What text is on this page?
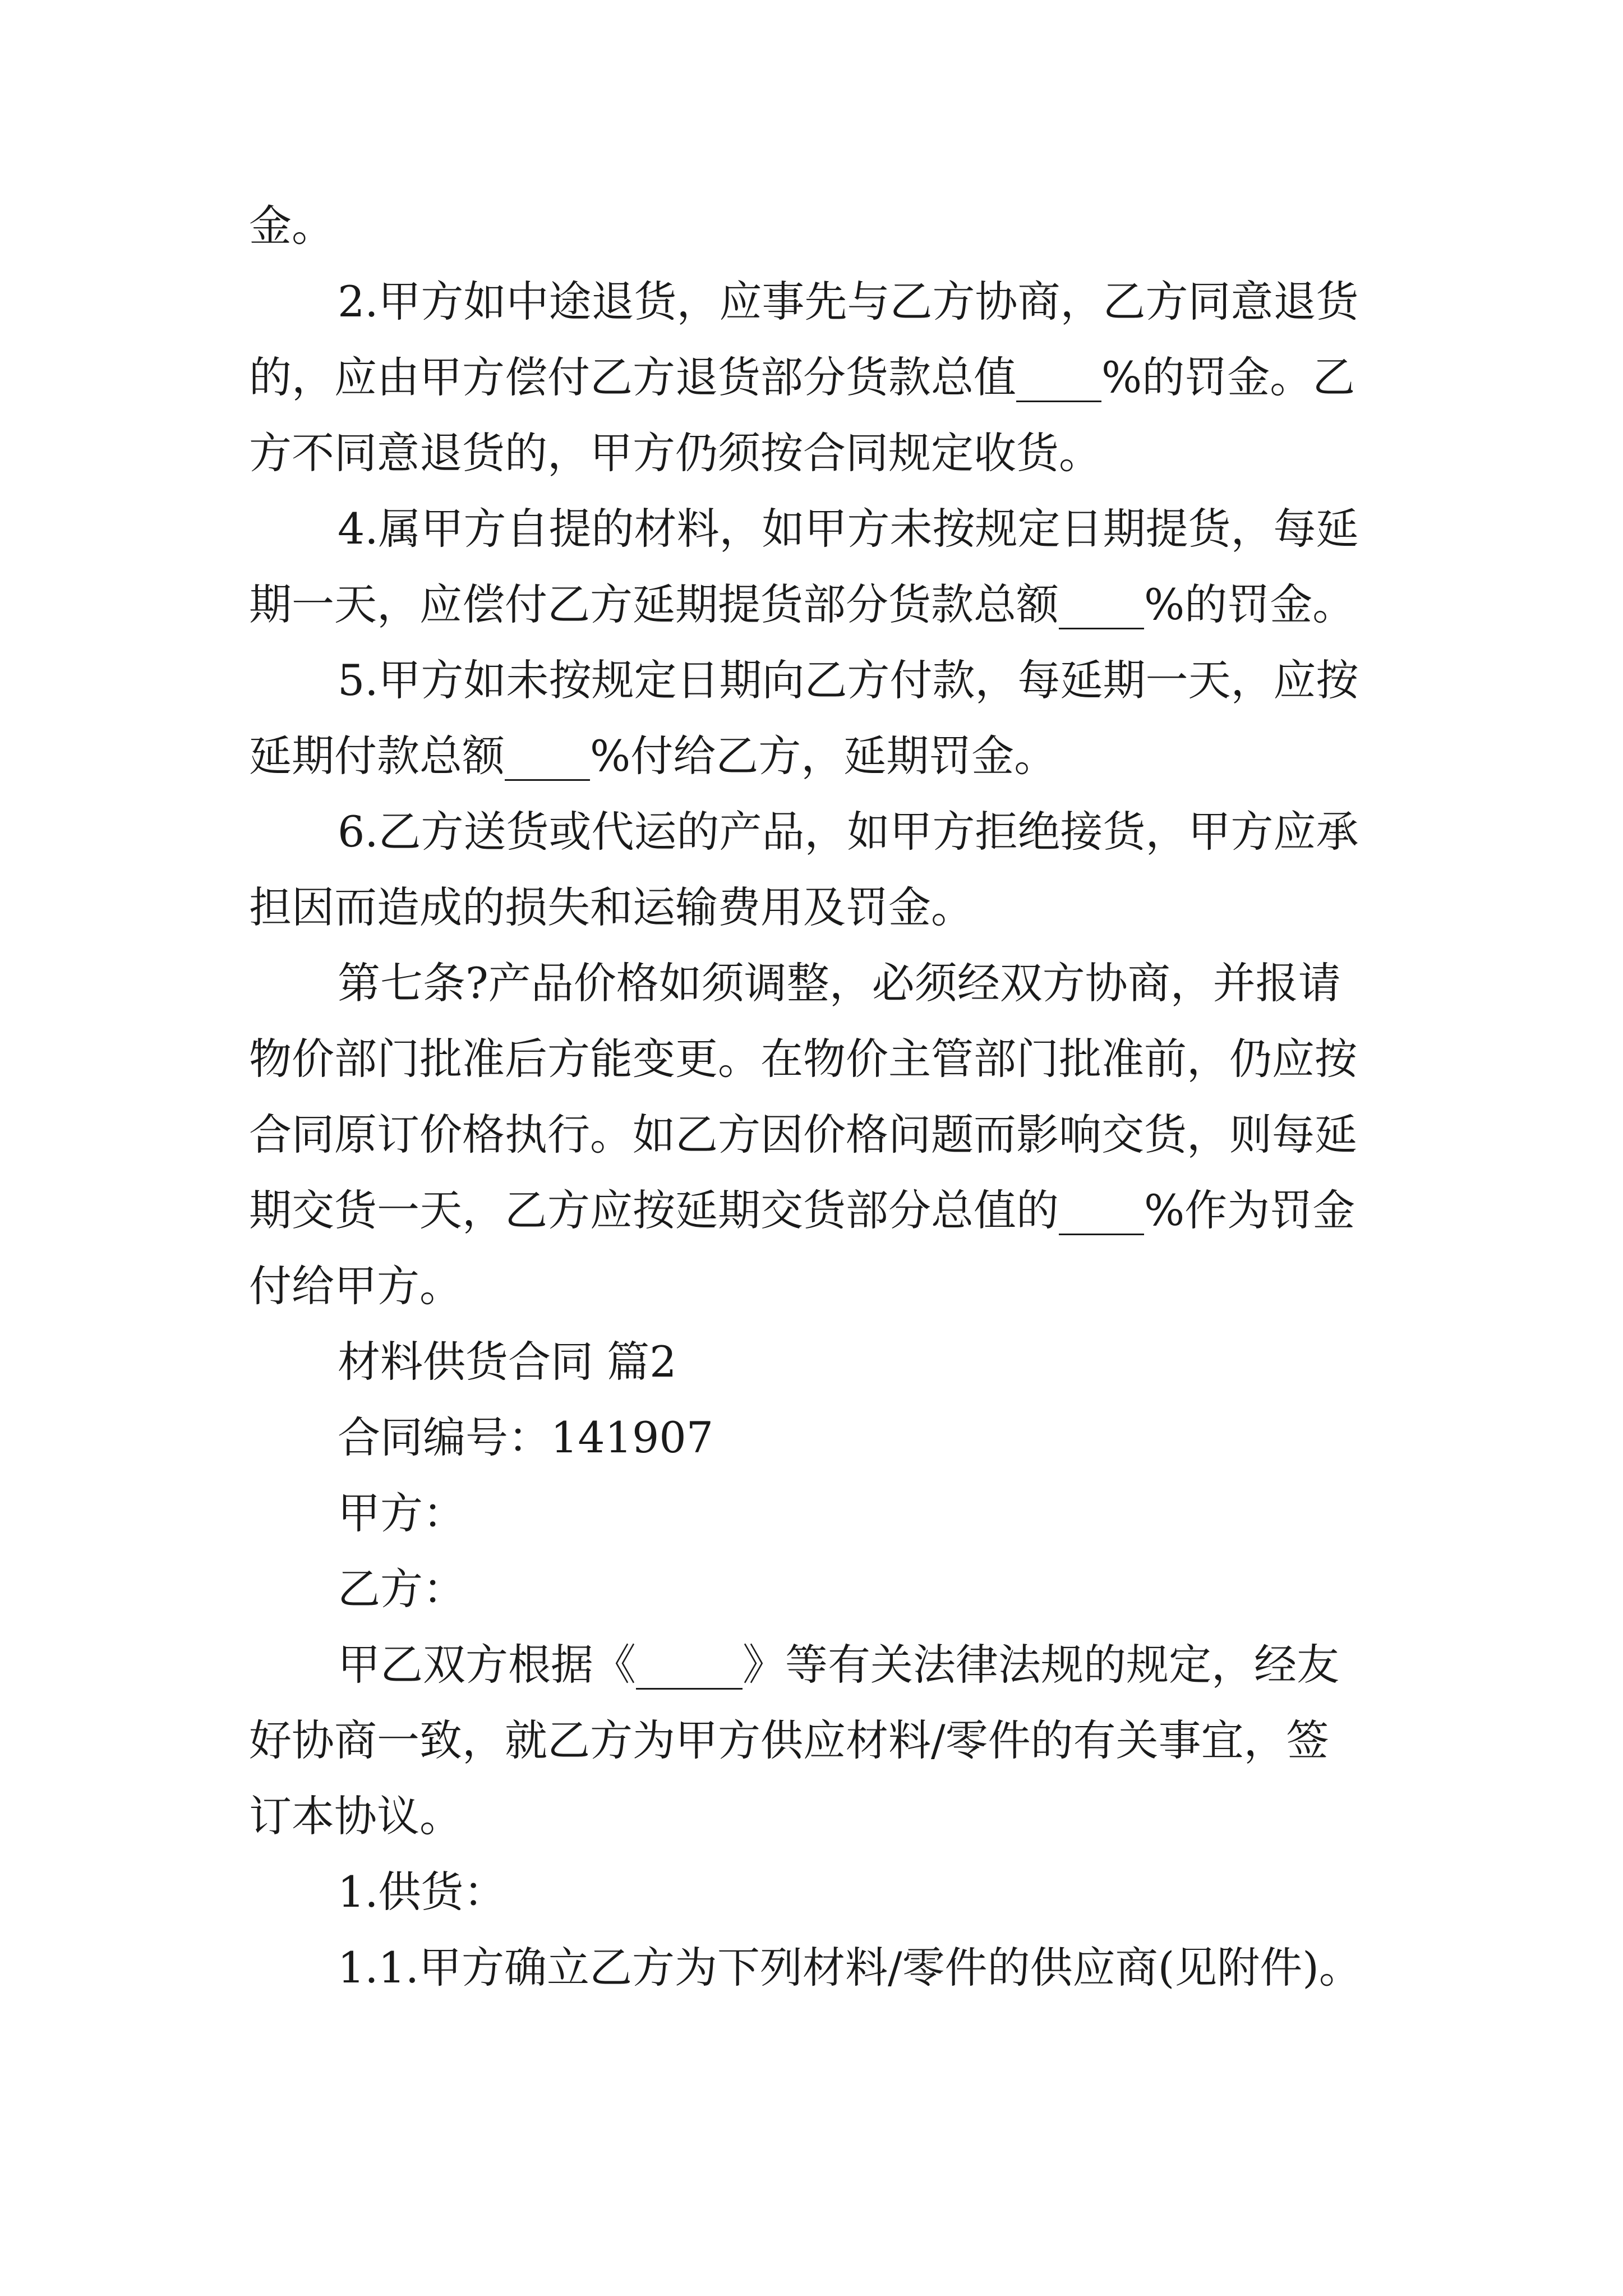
金。

2.甲方如中途退货，应事先与乙方协商，乙方同意退货

的，应由甲方偿付乙方退货部分货款总值____%的罚金。乙

方不同意退货的，甲方仍须按合同规定收货。

4.属甲方自提的材料，如甲方未按规定日期提货，每延

期一天，应偿付乙方延期提货部分货款总额____%的罚金。

5.甲方如未按规定日期向乙方付款，每延期一天，应按

延期付款总额____%付给乙方，延期罚金。

6.乙方送货或代运的产品，如甲方拒绝接货，甲方应承

担因而造成的损失和运输费用及罚金。

第七条?产品价格如须调整，必须经双方协商，并报请

物价部门批准后方能变更。在物价主管部门批准前，仍应按

合同原订价格执行。如乙方因价格问题而影响交货，则每延

期交货一天，乙方应按延期交货部分总值的____%作为罚金

付给甲方。

材料供货合同 篇2

合同编号：141907

甲方：

乙方：

甲乙双方根据《_____》等有关法律法规的规定，经友

好协商一致，就乙方为甲方供应材料/零件的有关事宜，签

订本协议。

1.供货：

1.1.甲方确立乙方为下列材料/零件的供应商(见附件)。
